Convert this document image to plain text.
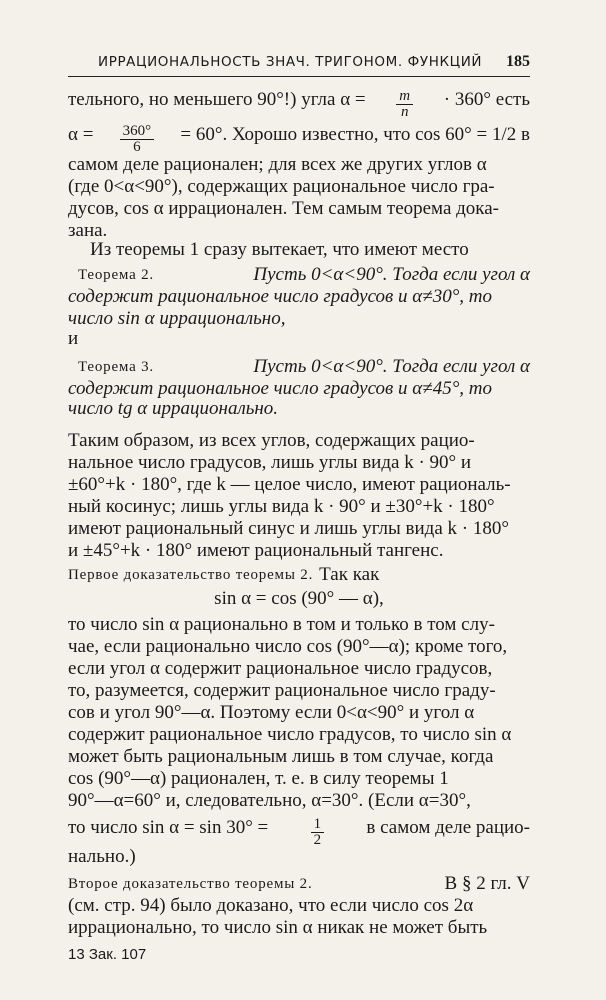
ИРРАЦИОНАЛЬНОСТЬ ЗНАЧ. ТРИГОНОМ. ФУНКЦИЙ 185
тельного, но меньшего 90°!) угла $\alpha = \frac{m}{n} \cdot 360^\circ$ есть
$\alpha = \frac{360^\circ}{6} = 60^\circ$. Хорошо известно, что cos 60° = 1/2 в
самом деле рационален; для всех же других углов α
(где 0<α<90°), содержащих рациональное число гра-
дусов, cos α иррационален. Тем самым теорема дока-
зана.
Из теоремы 1 сразу вытекает, что имеют место
Теорема 2.	Пусть 0<α<90°. Тогда если угол α
содержит рациональное число градусов и α≠30°, то
число sin α иррационально,
и
Теорема 3.	Пусть 0<α<90°. Тогда если угол α
содержит рациональное число градусов и α≠45°, то
число tg α иррационально.
Таким образом, из всех углов, содержащих рацио-
нальное число градусов, лишь углы вида k · 90° и
±60°+k · 180°, где k — целое число, имеют рациональ-
ный косинус; лишь углы вида k · 90° и ±30°+k · 180°
имеют рациональный синус и лишь углы вида k · 180°
и ±45°+k · 180° имеют рациональный тангенс.
Первое доказательство теоремы 2. Так как
sin α = cos (90° — α),
то число sin α рационально в том и только в том слу-
чае, если рационально число cos (90°—α); кроме того,
если угол α содержит рациональное число градусов,
то, разумеется, содержит рациональное число граду-
сов и угол 90°—α. Поэтому если 0<α<90° и угол α
содержит рациональное число градусов, то число sin α
может быть рациональным лишь в том случае, когда
cos (90°—α) рационален, т. е. в силу теоремы 1
90°—α=60° и, следовательно, α=30°. (Если α=30°,
то число sin α = sin 30° =	$\frac{1}{2}$ в самом деле рацио-
нально.)
Второе доказательство теоремы 2.	В § 2 гл. V
(см. стр. 94) было доказано, что если число cos 2α
иррационально, то число sin α никак не может быть
13 Зак. 107
